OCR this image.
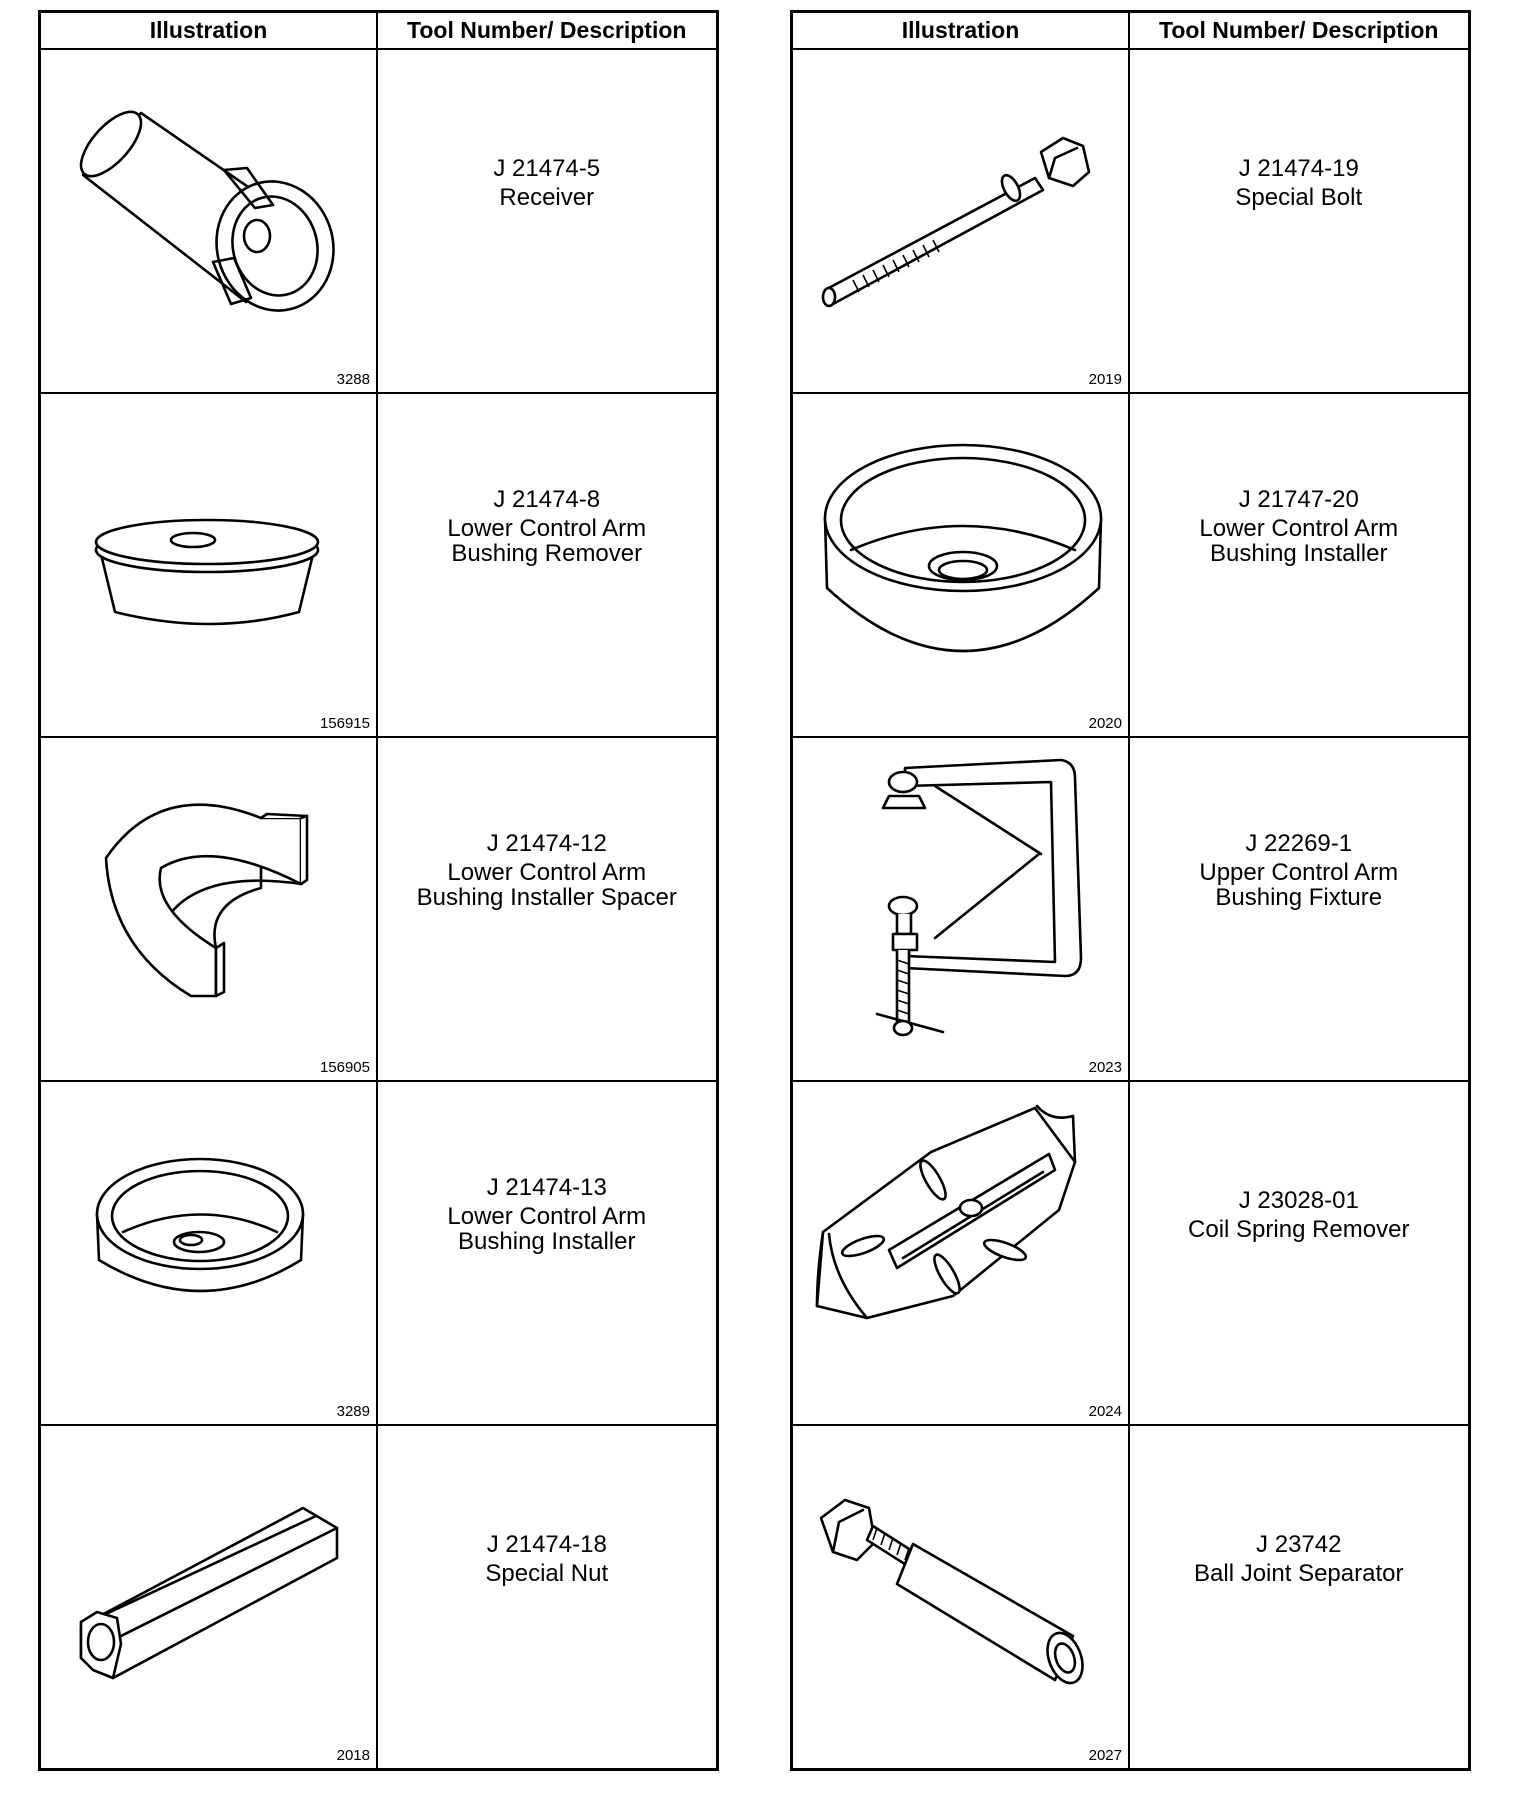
Illustration	Tool Number/ Description

3288	J 21474-5
Receiver

156915	J 21474-8
Lower Control Arm
Bushing Remover

156905	J 21474-12
Lower Control Arm
Bushing Installer Spacer

3289	J 21474-13
Lower Control Arm
Bushing Installer

2018	J 21474-18
Special Nut
Illustration	Tool Number/ Description

2019	J 21474-19
Special Bolt

2020	J 21747-20
Lower Control Arm
Bushing Installer

2023	J 22269-1
Upper Control Arm
Bushing Fixture

2024	J 23028-01
Coil Spring Remover

2027	J 23742
Ball Joint Separator
